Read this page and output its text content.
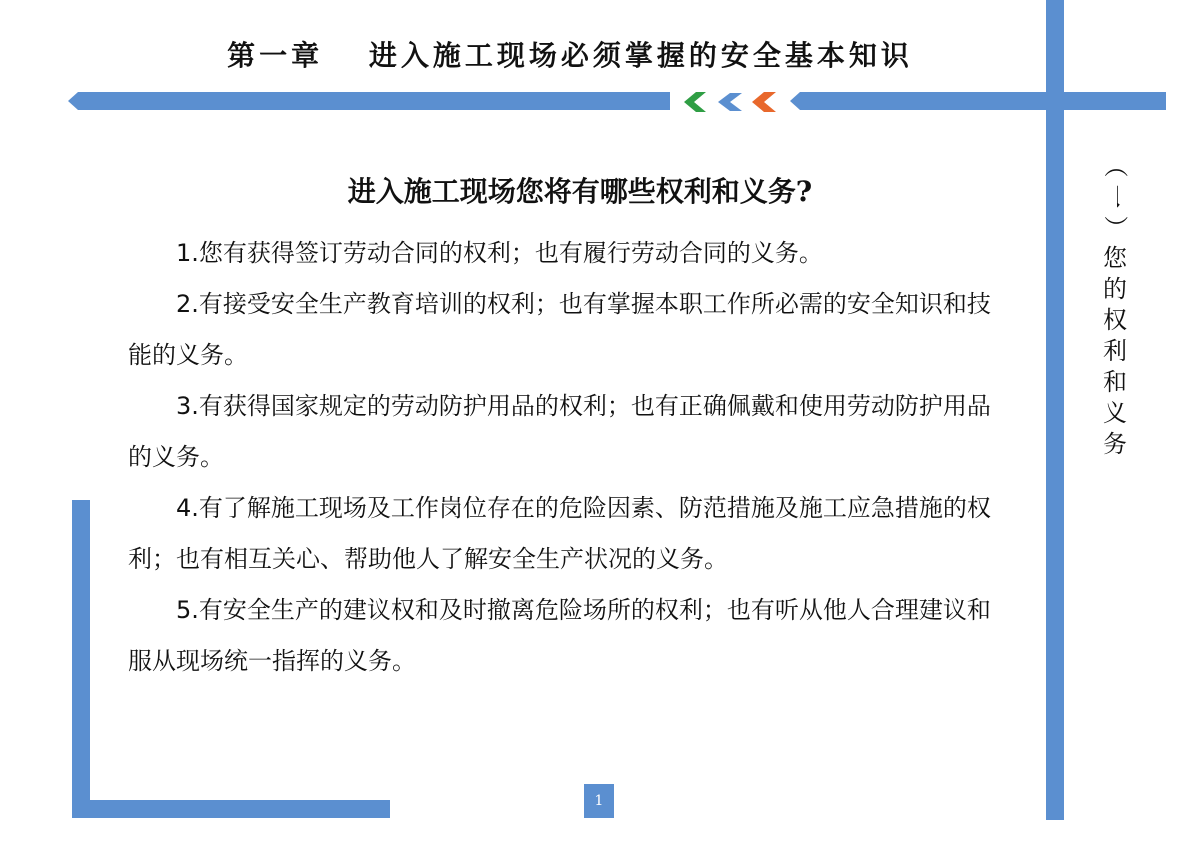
第一章　 进入施工现场必须掌握的安全基本知识
进入施工现场您将有哪些权利和义务?

1.您有获得签订劳动合同的权利；也有履行劳动合同的义务。

2.有接受安全生产教育培训的权利；也有掌握本职工作所必需的安全知识和技能的义务。

3.有获得国家规定的劳动防护用品的权利；也有正确佩戴和使用劳动防护用品的义务。

4.有了解施工现场及工作岗位存在的危险因素、防范措施及施工应急措施的权利；也有相互关心、帮助他人了解安全生产状况的义务。

5.有安全生产的建议权和及时撤离危险场所的权利；也有听从他人合理建议和服从现场统一指挥的义务。

（
一
）
您
的
权
利
和
义
务
1
